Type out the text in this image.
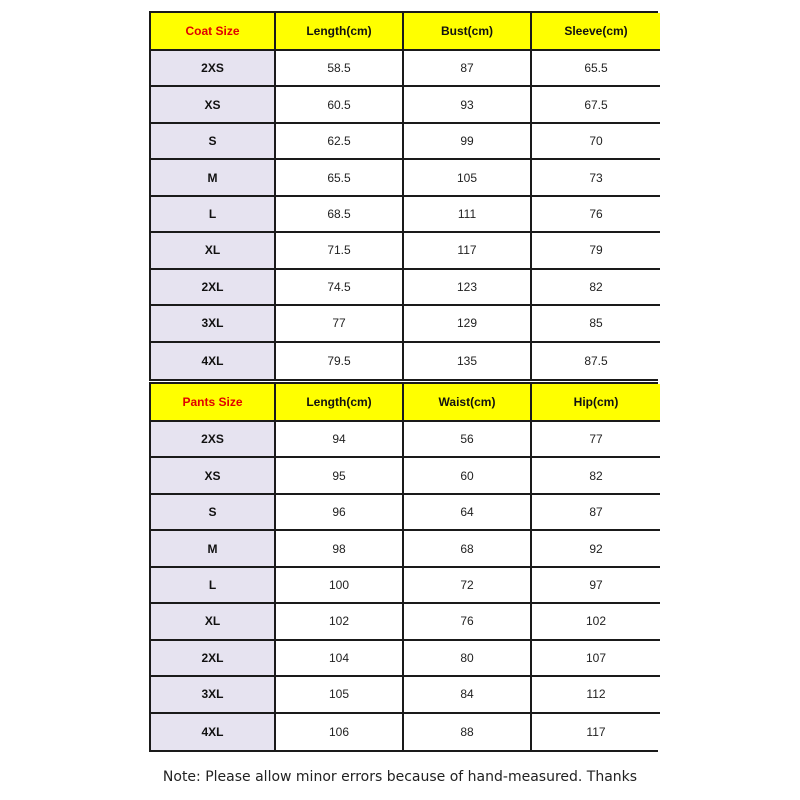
Coat Size	Length(cm)	Bust(cm)	Sleeve(cm)
2XS	58.5	87	65.5
XS	60.5	93	67.5
S	62.5	99	70
M	65.5	105	73
L	68.5	111	76
XL	71.5	117	79
2XL	74.5	123	82
3XL	77	129	85
4XL	79.5	135	87.5
Pants Size	Length(cm)	Waist(cm)	Hip(cm)
2XS	94	56	77
XS	95	60	82
S	96	64	87
M	98	68	92
L	100	72	97
XL	102	76	102
2XL	104	80	107
3XL	105	84	112
4XL	106	88	117
Note: Please allow minor errors because of hand-measured. Thanks
